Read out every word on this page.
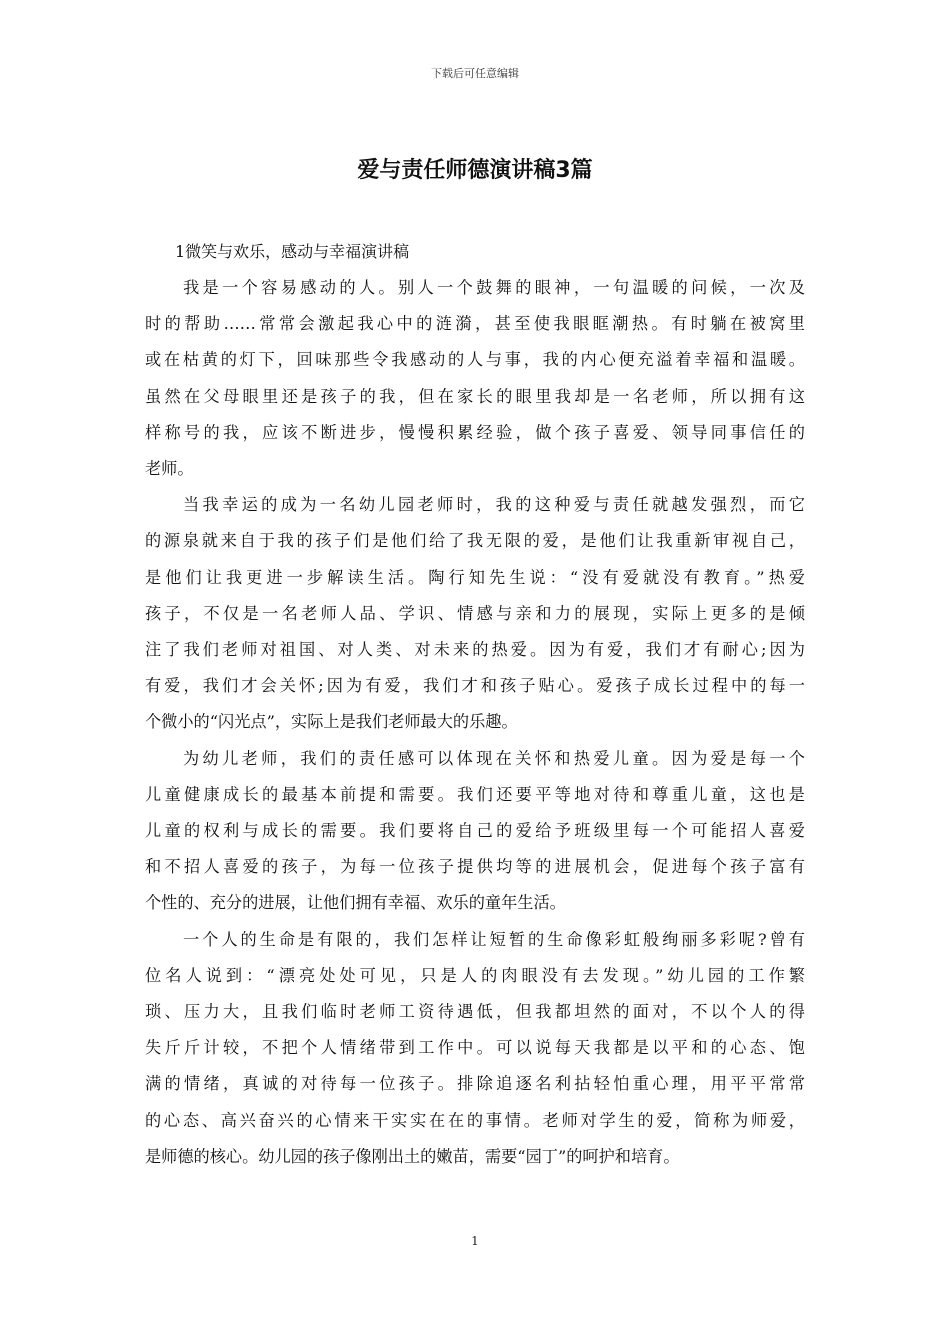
下载后可任意编辑
爱与责任师德演讲稿3篇

1微笑与欢乐，感动与幸福演讲稿

我是一个容易感动的人。别人一个鼓舞的眼神，一句温暖的问候，一次及
时的帮助……常常会激起我心中的涟漪，甚至使我眼眶潮热。有时躺在被窝里
或在枯黄的灯下，回味那些令我感动的人与事，我的内心便充溢着幸福和温暖。
虽然在父母眼里还是孩子的我，但在家长的眼里我却是一名老师，所以拥有这
样称号的我，应该不断进步，慢慢积累经验，做个孩子喜爱、领导同事信任的
老师。

当我幸运的成为一名幼儿园老师时，我的这种爱与责任就越发强烈，而它
的源泉就来自于我的孩子们是他们给了我无限的爱，是他们让我重新审视自己，
是他们让我更进一步解读生活。陶行知先生说：“没有爱就没有教育。”热爱
孩子，不仅是一名老师人品、学识、情感与亲和力的展现，实际上更多的是倾
注了我们老师对祖国、对人类、对未来的热爱。因为有爱，我们才有耐心;因为
有爱，我们才会关怀;因为有爱，我们才和孩子贴心。爱孩子成长过程中的每一
个微小的“闪光点”，实际上是我们老师最大的乐趣。

为幼儿老师，我们的责任感可以体现在关怀和热爱儿童。因为爱是每一个
儿童健康成长的最基本前提和需要。我们还要平等地对待和尊重儿童，这也是
儿童的权利与成长的需要。我们要将自己的爱给予班级里每一个可能招人喜爱
和不招人喜爱的孩子，为每一位孩子提供均等的进展机会，促进每个孩子富有
个性的、充分的进展，让他们拥有幸福、欢乐的童年生活。

一个人的生命是有限的，我们怎样让短暂的生命像彩虹般绚丽多彩呢?曾有
位名人说到：“漂亮处处可见，只是人的肉眼没有去发现。”幼儿园的工作繁
琐、压力大，且我们临时老师工资待遇低，但我都坦然的面对，不以个人的得
失斤斤计较，不把个人情绪带到工作中。可以说每天我都是以平和的心态、饱
满的情绪，真诚的对待每一位孩子。排除追逐名利拈轻怕重心理，用平平常常
的心态、高兴奋兴的心情来干实实在在的事情。老师对学生的爱，简称为师爱，
是师德的核心。幼儿园的孩子像刚出土的嫩苗，需要“园丁”的呵护和培育。

1
